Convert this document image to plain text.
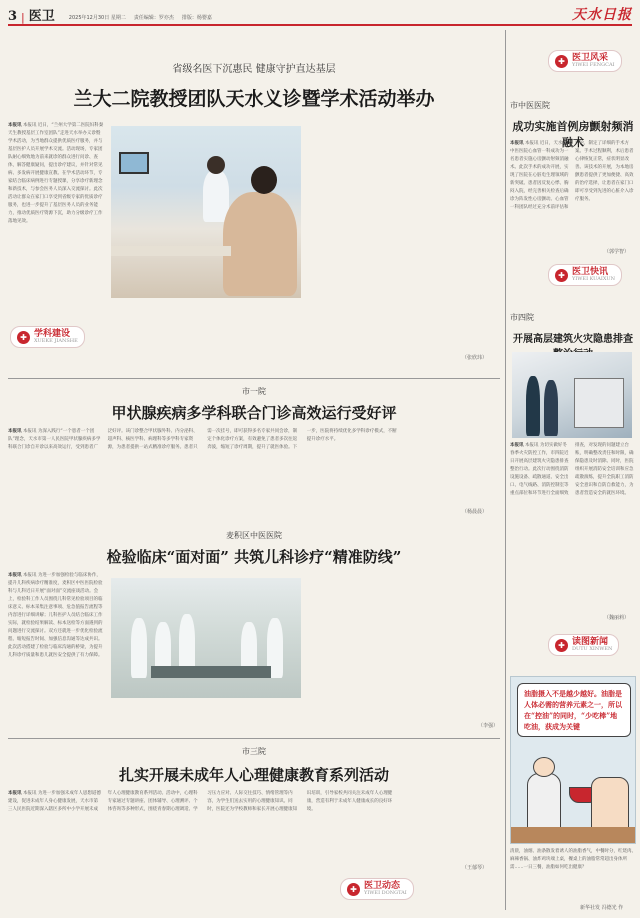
3 | 医卫	2025年12月30日 星期二 责任编辑：罗亦杰 排版：杨婴嘉	天水日报
省级名医下沉惠民 健康守护直达基层
兰大二院教授团队天水义诊暨学术活动举办
本报讯 本报讯 近日，“兰州大学第二医院妇科秦天生教授基层工作室团队”走进天水举办义诊暨学术活动，为当地群众提供优质医疗服务，并与基层医护人员开展学术交流。活动现场，专家团队耐心细致地为前来就诊的群众进行问诊、查体，解答健康疑问，提出诊疗建议，并针对常见病、多发病开展健康宣教。在学术活动环节，专家结合临床病例进行专题授课，分享诊疗新理念和新技术，与参会医务人员深入交流探讨。此次活动让群众在家门口享受到省级专家的优质诊疗服务，也进一步提升了基层医务人员的业务能力，推动优质医疗资源下沉，助力分级诊疗工作落地见效。
（张欣玮）
✚ 学科建设
XUEKE JIANSHE
✚ 医卫风采
YIWEI FENGCAI
市中医医院
成功实施首例房颤射频消融术
本报讯 本报讯 近日，天水市中医医院心血管一科成功为一名患者实施心房颤动射频消融术。此次手术的成功开展，实现了医院在心脏电生理领域的新突破。患者因反复心悸、胸闷入院，经完善相关检查后确诊为阵发性心房颤动。心血管一科团队经过充分术前评估和讨论，制定了详细的手术方案。手术过程顺利，术后患者心律恢复正常，症状明显改善。该技术的开展，为本地房颤患者提供了更加便捷、高效的治疗选择，让患者在家门口即可享受到先进的心脏介入诊疗服务。
（郭学智）
✚ 医卫快讯
YIWEI KUAIXUN
市四院
开展高层建筑火灾隐患排查
本报讯 本报讯 为切实做好冬春季火灾防控工作，市四院近日开展高层建筑火灾隐患排查整治行动。此次行动围绕消防设施设备、疏散通道、安全出口、电气线路、消防控制室等重点部位和环节进行全面细致排查，对发现的问题建立台账，明确整改责任和时限，确保隐患及时消除。同时，医院组织开展消防安全培训和应急疏散演练，提升全院职工消防安全意识和自防自救能力，为患者营造安全的就医环境。
（魏丽莉）
✚ 读图新闻
DUTU XINWEN
市一院
甲状腺疾病多学科联合门诊高效运行受好评
本报讯 本报讯 为深入践行“一个患者一个团队”理念，天水市第一人民医院甲状腺疾病多学科联合门诊自开诊以来高效运行，受到患者广泛好评。该门诊整合甲状腺外科、内分泌科、超声科、核医学科、病理科等多学科专家资源，为患者提供一站式精准诊疗服务。患者只需一次挂号，即可获得多名专家共同会诊，制定个体化诊疗方案，有效避免了患者多次往返奔波，缩短了诊疗周期，提升了就医体验。下一步，医院将持续优化多学科诊疗模式，不断提升诊疗水平。
（杨晨晨）
麦积区中医医院
检验临床“面对面” 共筑儿科诊疗“精准防线”
本报讯 本报讯 为进一步加强检验与临床协作，提升儿科疾病诊疗精准度，麦积区中医医院检验科与儿科近日开展“面对面”交流座谈活动。会上，检验科工作人员围绕儿科常见检验项目的临床意义、标本采集注意事项、危急值报告流程等内容进行详细讲解；儿科医护人员结合临床工作实际，就检验结果解读、标本送检等方面遇到的问题进行交流探讨。双方还就进一步优化检验流程、缩短报告时间、加强信息沟通等达成共识。此次活动搭建了检验与临床沟通的桥梁，为提升儿科诊疗质量和患儿就医安全提供了有力保障。
（李强）
市三院
扎实开展未成年人心理健康教育系列活动
本报讯 本报讯 为进一步加强未成年人思想道德建设，促进未成年人身心健康发展，天水市第三人民医院近期深入辖区多所中小学开展未成年人心理健康教育系列活动。活动中，心理科专家通过专题讲座、团体辅导、心理测评、个体咨询等多种形式，围绕青春期心理调适、学习压力应对、人际交往技巧、情绪管理等内容，为学生们送去实用的心理健康知识。同时，医院还为学校教师和家长开展心理健康知识培训，引导家校共同关注未成年人心理健康，营造有利于未成年人健康成长的良好环境。
（王郁琴）
✚ 医卫动态
YIWEI DONGTAI
油脂摄入不是越少越好。油脂是人体必需的营养元素之一，所以在“控油”的同时，“少吃棒”地吃油，获成为关键
清晨，油烟、油条散发着诱人的油脂香气，中餐时分，红烧肉、麻辣香锅、油炸鸡块端上桌，餐桌上的油脂常常超出身体所需……一日三餐，油脂如何吃出健康？
新华社发 冯德光 作
